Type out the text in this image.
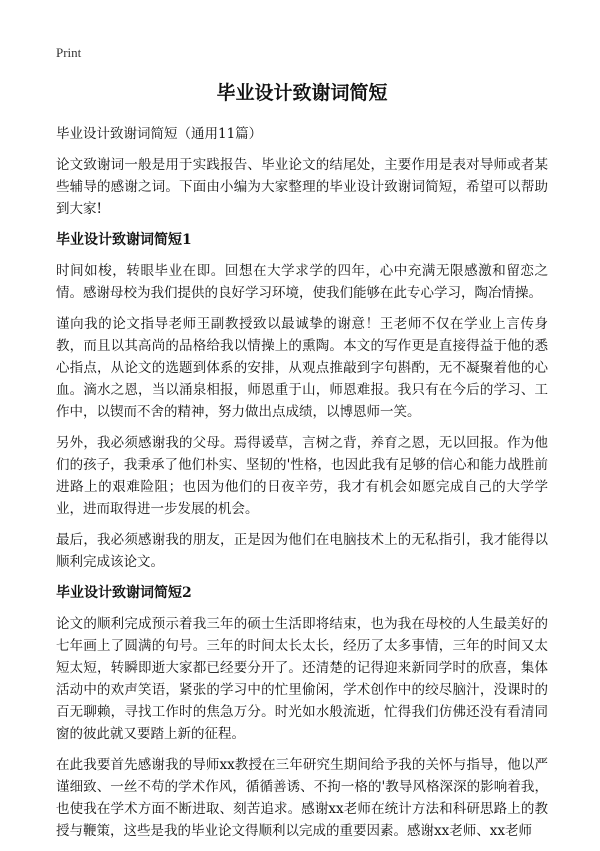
Print
毕业设计致谢词简短
毕业设计致谢词简短（通用11篇）
论文致谢词一般是用于实践报告、毕业论文的结尾处，主要作用是表对导师或者某些辅导的感谢之词。下面由小编为大家整理的毕业设计致谢词简短，希望可以帮助到大家!
毕业设计致谢词简短1
时间如梭，转眼毕业在即。回想在大学求学的四年，心中充满无限感激和留恋之情。感谢母校为我们提供的良好学习环境，使我们能够在此专心学习，陶冶情操。
谨向我的论文指导老师王副教授致以最诚挚的谢意！王老师不仅在学业上言传身教，而且以其高尚的品格给我以情操上的熏陶。本文的写作更是直接得益于他的悉心指点，从论文的选题到体系的安排，从观点推敲到字句斟酌，无不凝聚着他的心血。滴水之恩，当以涌泉相报，师恩重于山，师恩难报。我只有在今后的学习、工作中，以锲而不舍的精神，努力做出点成绩，以博恩师一笑。
另外，我必须感谢我的父母。焉得谖草，言树之背，养育之恩，无以回报。作为他们的孩子，我秉承了他们朴实、坚韧的'性格，也因此我有足够的信心和能力战胜前进路上的艰难险阻；也因为他们的日夜辛劳，我才有机会如愿完成自己的大学学业，进而取得进一步发展的机会。
最后，我必须感谢我的朋友，正是因为他们在电脑技术上的无私指引，我才能得以顺利完成该论文。
毕业设计致谢词简短2
论文的顺利完成预示着我三年的硕士生活即将结束，也为我在母校的人生最美好的七年画上了圆满的句号。三年的时间太长太长，经历了太多事情，三年的时间又太短太短，转瞬即逝大家都已经要分开了。还清楚的记得迎来新同学时的欣喜，集体活动中的欢声笑语，紧张的学习中的忙里偷闲，学术创作中的绞尽脑汁，没课时的百无聊赖，寻找工作时的焦急万分。时光如水般流逝，忙得我们仿佛还没有看清同窗的彼此就又要踏上新的征程。
在此我要首先感谢我的导师xx教授在三年研究生期间给予我的关怀与指导，他以严谨细致、一丝不苟的学术作风，循循善诱、不拘一格的'教导风格深深的影响着我，也使我在学术方面不断进取、刻苦追求。感谢xx老师在统计方法和科研思路上的教授与鞭策，这些是我的毕业论文得顺利以完成的重要因素。感谢xx老师、xx老师
